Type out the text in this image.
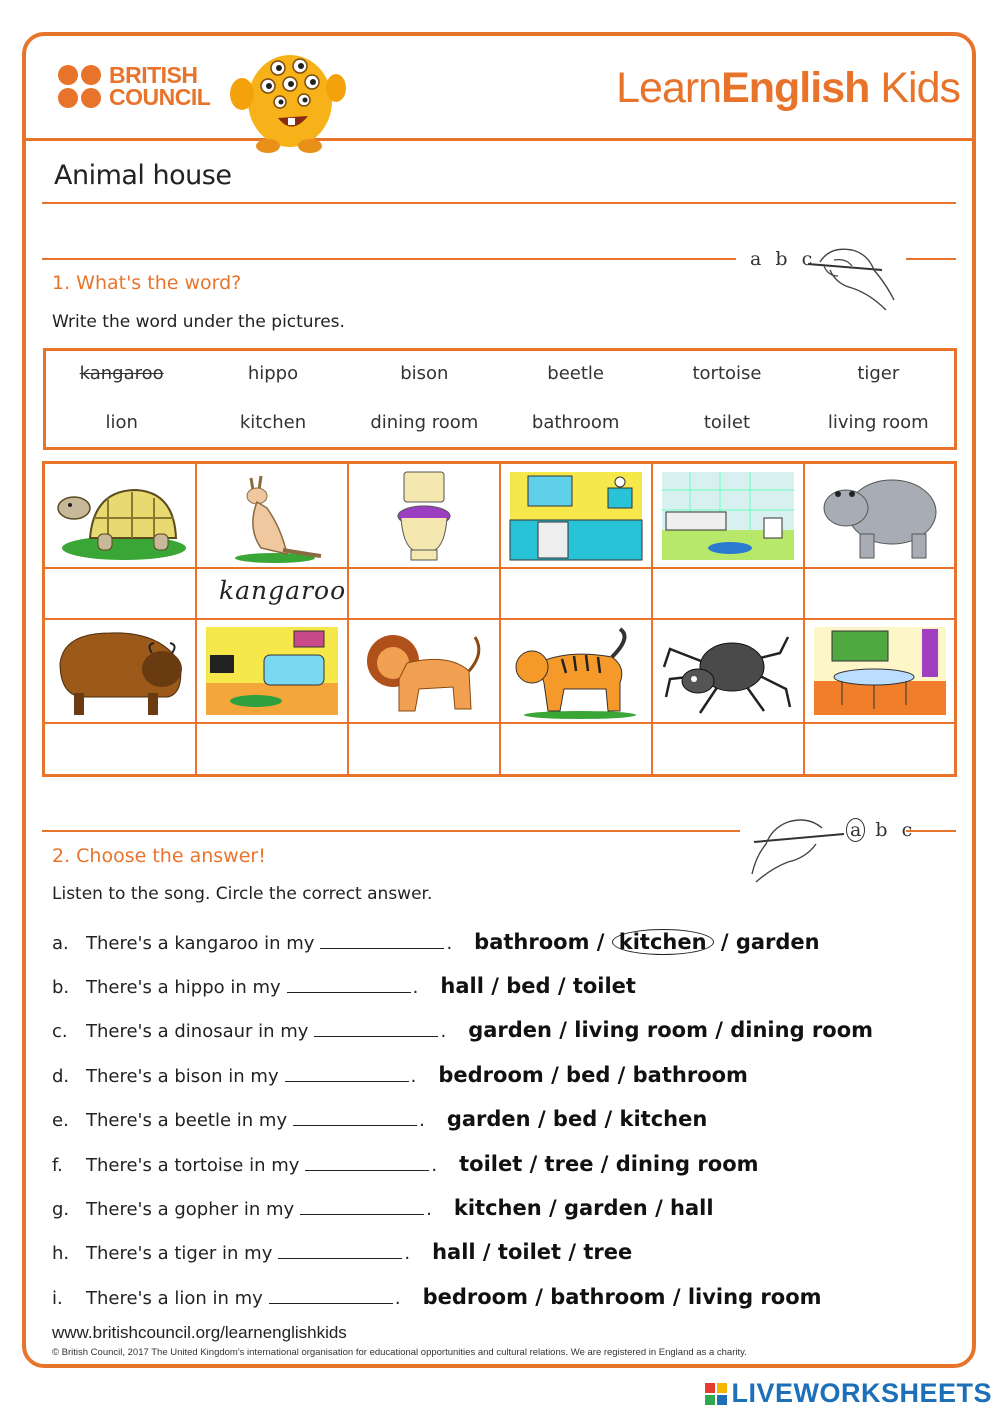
BRITISH
COUNCIL	LearnEnglish Kids
Animal house
a b c
1. What's the word?
Write the word under the pictures.
kangaroo	hippo	bison	beetle	tortoise	tiger
lion	kitchen	dining room	bathroom	toilet	living room
kangaroo
a b c
2. Choose the answer!
Listen to the song. Circle the correct answer.
a. There's a kangaroo in my	. bathroom / kitchen / garden
b. There's a hippo in my	. hall / bed / toilet
c.	There's a dinosaur in my	. garden / living room / dining room
d. There's a bison in my	. bedroom / bed / bathroom
e. There's a beetle in my	. garden / bed / kitchen
f.	There's a tortoise in my	. toilet / tree / dining room
g. There's a gopher in my	. kitchen / garden / hall
h. There's a tiger in my	. hall / toilet / tree
i.	There's a lion in my	. bedroom / bathroom / living room
www.britishcouncil.org/learnenglishkids
© British Council, 2017 The United Kingdom's international organisation for educational opportunities and cultural relations. We are registered in England as a charity.
LIVEWORKSHEETS
